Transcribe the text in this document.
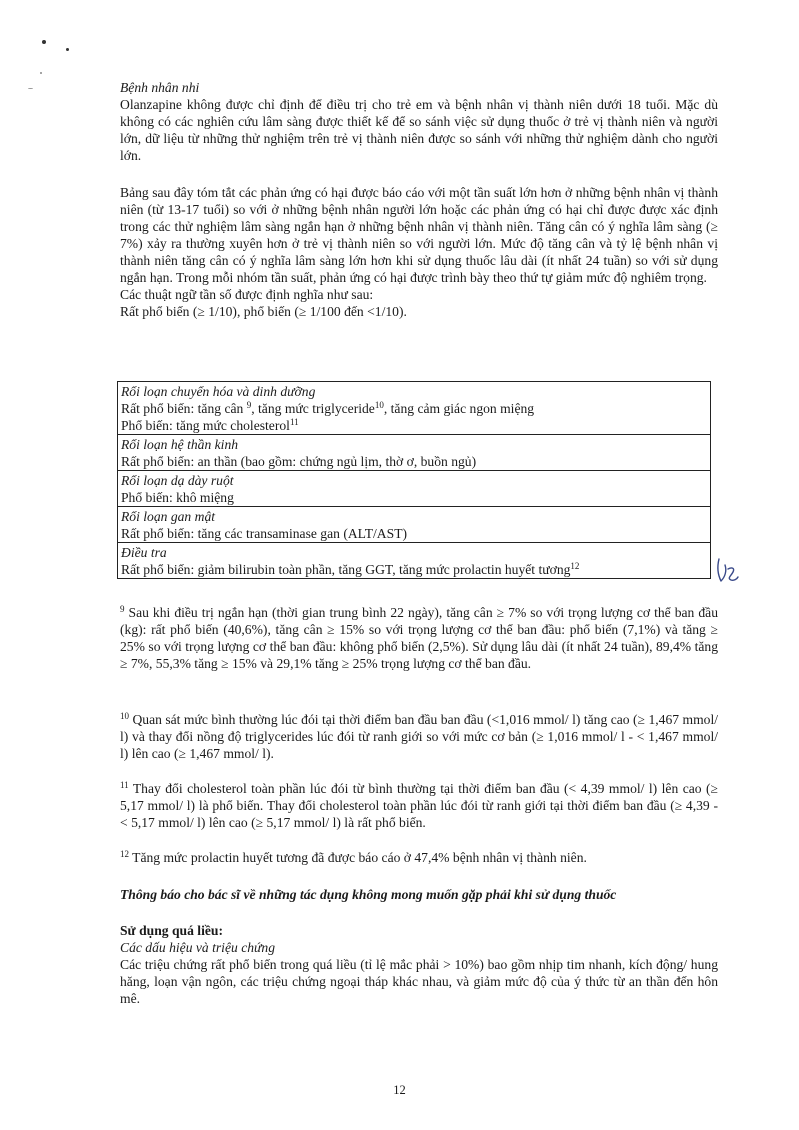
Bệnh nhân nhi

Olanzapine không được chỉ định để điều trị cho trẻ em và bệnh nhân vị thành niên dưới 18 tuổi. Mặc dù không có các nghiên cứu lâm sàng được thiết kế để so sánh việc sử dụng thuốc ở trẻ vị thành niên và người lớn, dữ liệu từ những thử nghiệm trên trẻ vị thành niên được so sánh với những thử nghiệm dành cho người lớn.

Bảng sau đây tóm tắt các phản ứng có hại được báo cáo với một tần suất lớn hơn ở những bệnh nhân vị thành niên (từ 13-17 tuổi) so với ở những bệnh nhân người lớn hoặc các phản ứng có hại chỉ được được xác định trong các thử nghiệm lâm sàng ngắn hạn ở những bệnh nhân vị thành niên. Tăng cân có ý nghĩa lâm sàng (≥ 7%) xảy ra thường xuyên hơn ở trẻ vị thành niên so với người lớn. Mức độ tăng cân và tỷ lệ bệnh nhân vị thành niên tăng cân có ý nghĩa lâm sàng lớn hơn khi sử dụng thuốc lâu dài (ít nhất 24 tuần) so với sử dụng ngắn hạn. Trong mỗi nhóm tần suất, phản ứng có hại được trình bày theo thứ tự giảm mức độ nghiêm trọng.

Các thuật ngữ tần số được định nghĩa như sau:
Rất phổ biến (≥ 1/10), phổ biến (≥ 1/100 đến <1/10).
Rối loạn chuyển hóa và dinh dưỡng
Rất phổ biến: tăng cân $^9$, tăng mức triglyceride$^{10}$, tăng cảm giác ngon miệng
Phổ biến: tăng mức cholesterol$^{11}$
Rối loạn hệ thần kinh
Rất phổ biến: an thần (bao gồm: chứng ngủ lịm, thờ ơ, buồn ngủ)
Rối loạn dạ dày ruột
Phổ biến: khô miệng
Rối loạn gan mật
Rất phổ biến: tăng các transaminase gan (ALT/AST)
Điều tra
Rất phổ biến: giảm bilirubin toàn phần, tăng GGT, tăng mức prolactin huyết tương$^{12}$

$^9$ Sau khi điều trị ngắn hạn (thời gian trung bình 22 ngày), tăng cân ≥ 7% so với trọng lượng cơ thể ban đầu (kg): rất phổ biến (40,6%), tăng cân ≥ 15% so với trọng lượng cơ thể ban đầu: phổ biến (7,1%) và tăng ≥ 25% so với trọng lượng cơ thể ban đầu: không phổ biến (2,5%). Sử dụng lâu dài (ít nhất 24 tuần), 89,4% tăng ≥ 7%, 55,3% tăng ≥ 15% và 29,1% tăng ≥ 25% trọng lượng cơ thể ban đầu.

$^{10}$ Quan sát mức bình thường lúc đói tại thời điểm ban đầu ban đầu (<1,016 mmol/ l) tăng cao (≥ 1,467 mmol/ l) và thay đổi nồng độ triglycerides lúc đói từ ranh giới so với mức cơ bản (≥ 1,016 mmol/ l - < 1,467 mmol/ l) lên cao (≥ 1,467 mmol/ l).

$^{11}$ Thay đổi cholesterol toàn phần lúc đói từ bình thường tại thời điểm ban đầu (< 4,39 mmol/ l) lên cao (≥ 5,17 mmol/ l) là phổ biến. Thay đổi cholesterol toàn phần lúc đói từ ranh giới tại thời điểm ban đầu (≥ 4,39 - < 5,17 mmol/ l) lên cao (≥ 5,17 mmol/ l) là rất phổ biến.

$^{12}$ Tăng mức prolactin huyết tương đã được báo cáo ở 47,4% bệnh nhân vị thành niên.

Thông báo cho bác sĩ về những tác dụng không mong muốn gặp phải khi sử dụng thuốc
Sử dụng quá liều:
Các dấu hiệu và triệu chứng

Các triệu chứng rất phổ biến trong quá liều (tỉ lệ mắc phải > 10%) bao gồm nhịp tim nhanh, kích động/ hung hăng, loạn vận ngôn, các triệu chứng ngoại tháp khác nhau, và giảm mức độ của ý thức từ an thần đến hôn mê.

12
